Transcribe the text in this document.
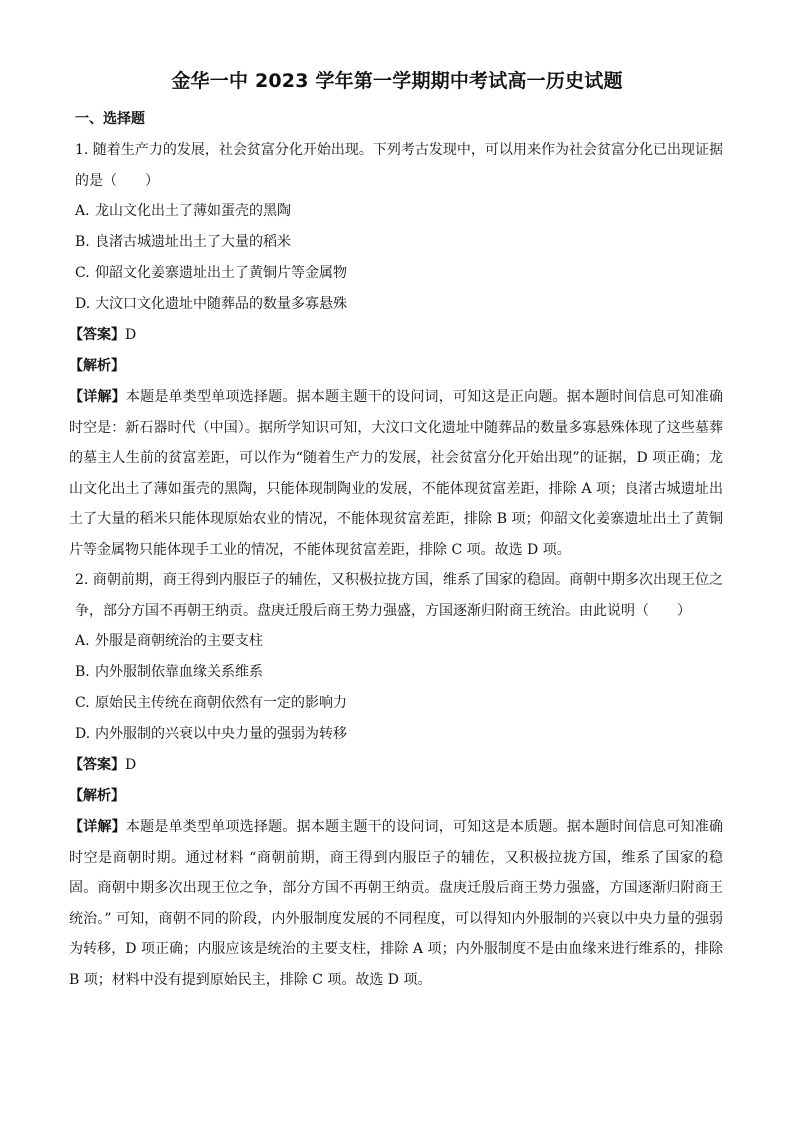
金华一中 2023 学年第一学期期中考试高一历史试题
一、选择题
1. 随着生产力的发展，社会贫富分化开始出现。下列考古发现中，可以用来作为社会贫富分化已出现证据的是（　　）
A. 龙山文化出土了薄如蛋壳的黑陶
B. 良渚古城遗址出土了大量的稻米
C. 仰韶文化姜寨遗址出土了黄铜片等金属物
D. 大汶口文化遗址中随葬品的数量多寡悬殊
【答案】D
【解析】
【详解】本题是单类型单项选择题。据本题主题干的设问词，可知这是正向题。据本题时间信息可知准确时空是：新石器时代（中国）。据所学知识可知，大汶口文化遗址中随葬品的数量多寡悬殊体现了这些墓葬的墓主人生前的贫富差距，可以作为“随着生产力的发展，社会贫富分化开始出现”的证据，D 项正确；龙山文化出土了薄如蛋壳的黑陶，只能体现制陶业的发展，不能体现贫富差距，排除 A 项；良渚古城遗址出土了大量的稻米只能体现原始农业的情况，不能体现贫富差距，排除 B 项；仰韶文化姜寨遗址出土了黄铜片等金属物只能体现手工业的情况，不能体现贫富差距，排除 C 项。故选 D 项。
2. 商朝前期，商王得到内服臣子的辅佐，又积极拉拢方国，维系了国家的稳固。商朝中期多次出现王位之争，部分方国不再朝王纳贡。盘庚迁殷后商王势力强盛，方国逐渐归附商王统治。由此说明（　　）
A. 外服是商朝统治的主要支柱
B. 内外服制依靠血缘关系维系
C. 原始民主传统在商朝依然有一定的影响力
D. 内外服制的兴衰以中央力量的强弱为转移
【答案】D
【解析】
【详解】本题是单类型单项选择题。据本题主题干的设问词，可知这是本质题。据本题时间信息可知准确时空是商朝时期。通过材料 “商朝前期，商王得到内服臣子的辅佐，又积极拉拢方国，维系了国家的稳固。商朝中期多次出现王位之争，部分方国不再朝王纳贡。盘庚迁殷后商王势力强盛，方国逐渐归附商王统治。” 可知，商朝不同的阶段，内外服制度发展的不同程度，可以得知内外服制的兴衰以中央力量的强弱为转移，D 项正确；内服应该是统治的主要支柱，排除 A 项；内外服制度不是由血缘来进行维系的，排除 B 项；材料中没有提到原始民主，排除 C 项。故选 D 项。
